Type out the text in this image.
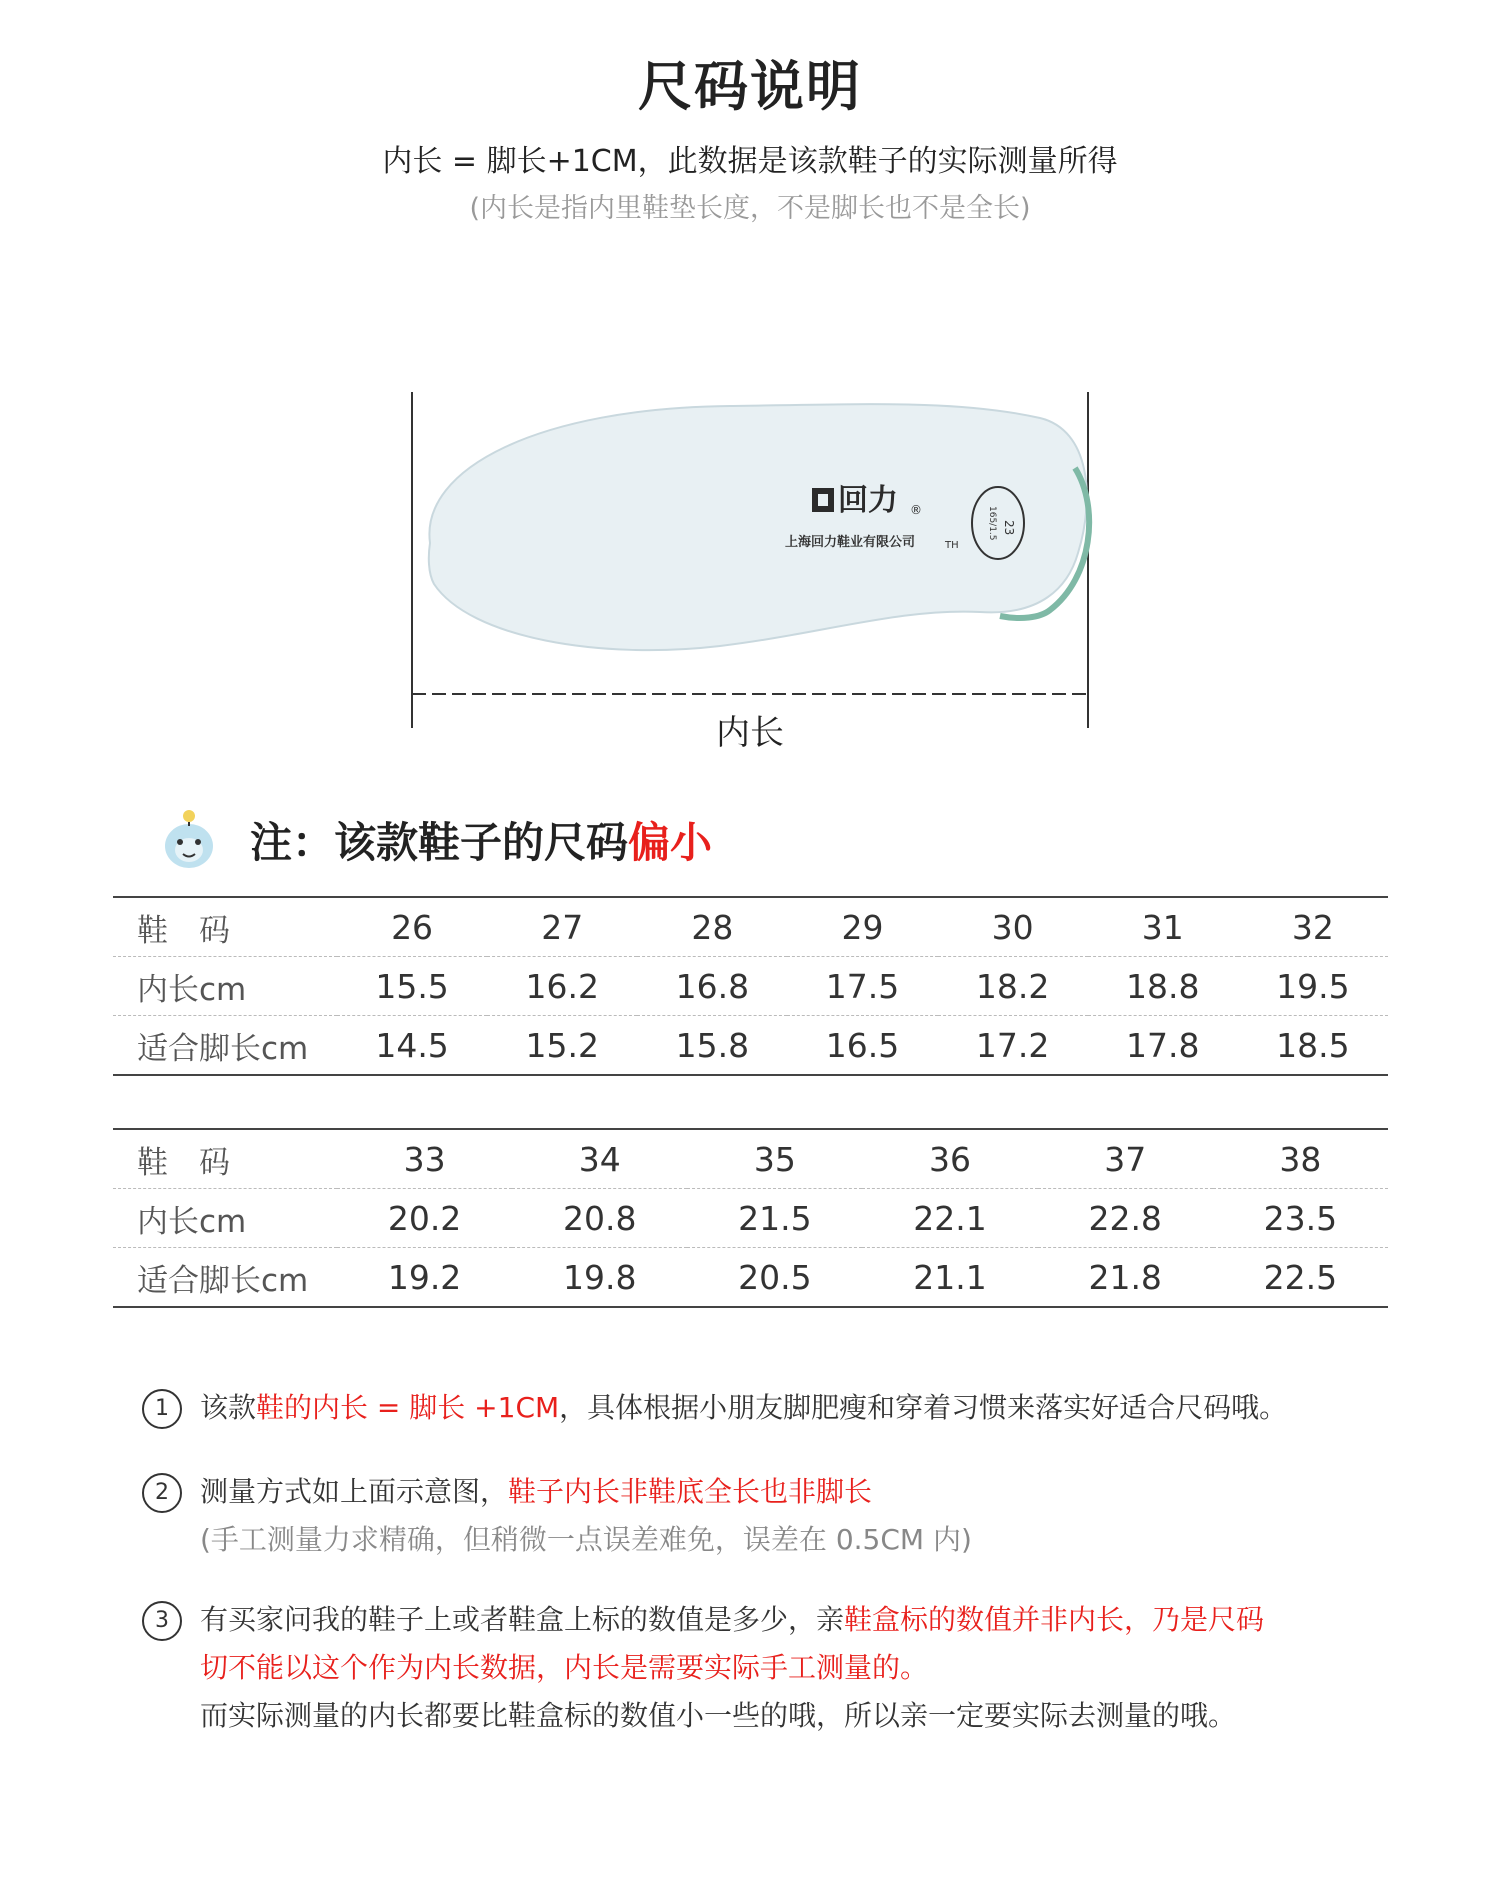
尺码说明
内长 = 脚长+1CM，此数据是该款鞋子的实际测量所得
(内长是指内里鞋垫长度，不是脚长也不是全长)
回力 ®
上海回力鞋业有限公司	TH
23
165/1.5
内长
注：该款鞋子的尺码偏小
鞋　码	26	27	28	29	30	31	32
内长cm	15.5	16.2	16.8	17.5	18.2	18.8	19.5
适合脚长cm	14.5	15.2	15.8	16.5	17.2	17.8	18.5
鞋　码	33	34	35	36	37	38	
内长cm	20.2	20.8	21.5	22.1	22.8	23.5	
适合脚长cm	19.2	19.8	20.5	21.1	21.8	22.5	
1 该款鞋的内长 = 脚长 +1CM，具体根据小朋友脚肥瘦和穿着习惯来落实好适合尺码哦。
2 测量方式如上面示意图，鞋子内长非鞋底全长也非脚长
(手工测量力求精确，但稍微一点误差难免，误差在 0.5CM 内)
3 有买家问我的鞋子上或者鞋盒上标的数值是多少，亲鞋盒标的数值并非内长，乃是尺码
切不能以这个作为内长数据，内长是需要实际手工测量的。
而实际测量的内长都要比鞋盒标的数值小一些的哦，所以亲一定要实际去测量的哦。
